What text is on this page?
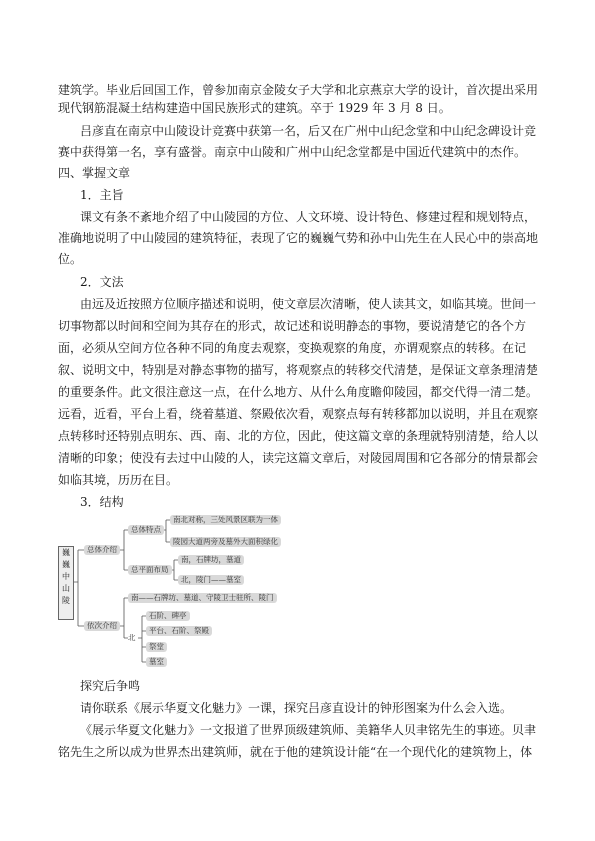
建筑学。毕业后回国工作，曾参加南京金陵女子大学和北京燕京大学的设计，首次提出采用
现代钢筋混凝土结构建造中国民族形式的建筑。卒于 1929 年 3 月 8 日。
吕彦直在南京中山陵设计竞赛中获第一名，后又在广州中山纪念堂和中山纪念碑设计竞
赛中获得第一名，享有盛誉。南京中山陵和广州中山纪念堂都是中国近代建筑中的杰作。
四、掌握文章
1．主旨
课文有条不紊地介绍了中山陵园的方位、人文环境、设计特色、修建过程和规划特点，
准确地说明了中山陵园的建筑特征，表现了它的巍巍气势和孙中山先生在人民心中的崇高地
位。
2．文法
由远及近按照方位顺序描述和说明，使文章层次清晰，使人读其文，如临其境。世间一
切事物都以时间和空间为其存在的形式，故记述和说明静态的事物，要说清楚它的各个方
面，必须从空间方位各种不同的角度去观察，变换观察的角度，亦谓观察点的转移。在记
叙、说明文中，特别是对静态事物的描写，将观察点的转移交代清楚，是保证文章条理清楚
的重要条件。此文很注意这一点，在什么地方、从什么角度瞻仰陵园，都交代得一清二楚。
远看，近看，平台上看，绕着墓道、祭殿依次看，观察点每有转移都加以说明，并且在观察
点转移时还特别点明东、西、南、北的方位，因此，使这篇文章的条理就特别清楚，给人以
清晰的印象；使没有去过中山陵的人，读完这篇文章后，对陵园周围和它各部分的情景都会
如临其境，历历在目。
3．结构
巍
巍
中
山
陵
总体介绍
依次介绍
总体特点
总平面布局
南北对称，三处风景区联为一体
陵园大道两旁及墓外大面积绿化
南，石牌坊，墓道
北，陵门——墓室
南——石牌坊、墓道、守陵卫士驻所、陵门
北
石阶、碑亭
平台、石阶、祭殿
祭堂
墓室
探究后争鸣
请你联系《展示华夏文化魅力》一课，探究吕彦直设计的钟形图案为什么会入选。
《展示华夏文化魅力》一文报道了世界顶级建筑师、美籍华人贝聿铭先生的事迹。贝聿
铭先生之所以成为世界杰出建筑师，就在于他的建筑设计能“在一个现代化的建筑物上，体
